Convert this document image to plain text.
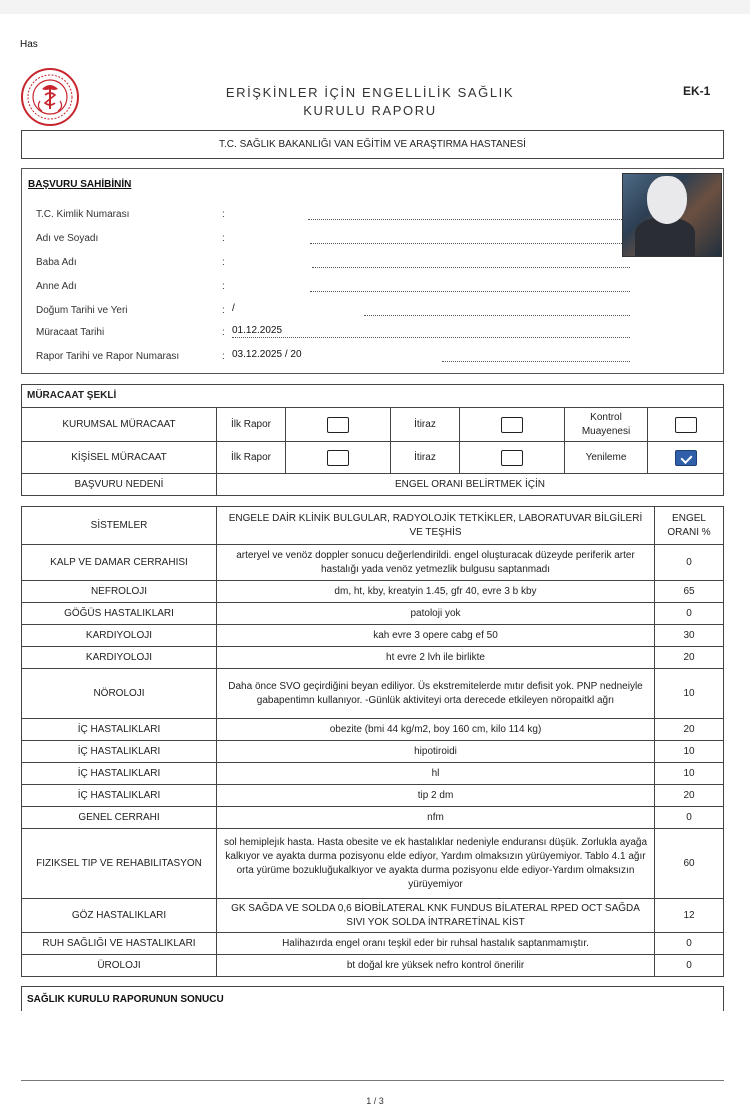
Has
ERİŞKİNLER İÇİN ENGELLİLİK SAĞLIK
KURULU RAPORU
EK-1
T.C. SAĞLIK BAKANLIĞI VAN EĞİTİM VE ARAŞTIRMA HASTANESİ
BAŞVURU SAHİBİNİN
T.C. Kimlik Numarası	:
Adı ve Soyadı	:
Baba Adı	:
Anne Adı	:
Doğum Tarihi ve Yeri	: /
Müracaat Tarihi	: 01.12.2025
Rapor Tarihi ve Rapor Numarası	: 03.12.2025 / 20
MÜRACAAT ŞEKLİ						
KURUMSAL MÜRACAAT	İlk Rapor		İtiraz		Kontrol Muayenesi	
KİŞİSEL MÜRACAAT	İlk Rapor		İtiraz		Yenileme	
BAŞVURU NEDENİ	ENGEL ORANI BELİRTMEK İÇİN					
SİSTEMLER	ENGELE DAİR KLİNİK BULGULAR, RADYOLOJİK TETKİKLER, LABORATUVAR BİLGİLERİ VE TEŞHİS	ENGEL ORANI %
KALP VE DAMAR CERRAHISI	arteryel ve venöz doppler sonucu değerlendirildi. engel oluşturacak düzeyde periferik arter hastalığı yada venöz yetmezlik bulgusu saptanmadı	0
NEFROLOJI	dm, ht, kby, kreatyin 1.45, gfr 40, evre 3 b kby	65
GÖĞÜS HASTALIKLARI	patoloji yok	0
KARDIYOLOJI	kah evre 3 opere cabg ef 50	30
KARDIYOLOJI	ht evre 2 lvh ile birlikte	20
NÖROLOJI	Daha önce SVO geçirdiğini beyan ediliyor. Üs ekstremitelerde mıtır defisit yok. PNP nedneiyle gabapentimn kullanıyor. -Günlük aktiviteyi orta derecede etkileyen nöropaitkl ağrı	10
İÇ HASTALIKLARI	obezite (bmi 44 kg/m2, boy 160 cm, kilo 114 kg)	20
İÇ HASTALIKLARI	hipotiroidi	10
İÇ HASTALIKLARI	hl	10
İÇ HASTALIKLARI	tip 2 dm	20
GENEL CERRAHI	nfm	0
FIZIKSEL TIP VE REHABILITASYON	sol hemiplejık hasta. Hasta obesite ve ek hastalıklar nedeniyle enduransı düşük. Zorlukla ayağa kalkıyor ve ayakta durma pozisyonu elde ediyor, Yardım olmaksızın yürüyemiyor. Tablo 4.1 ağır orta yürüme bozukluğukalkıyor ve ayakta durma pozisyonu elde ediyor-Yardım olmaksızın yürüyemiyor	60
GÖZ HASTALIKLARI	GK SAĞDA VE SOLDA 0,6 BİOBİLATERAL KNK FUNDUS BİLATERAL RPED OCT SAĞDA SIVI YOK SOLDA İNTRARETİNAL KİST	12
RUH SAĞLIĞI VE HASTALIKLARI	Halihazırda engel oranı teşkil eder bir ruhsal hastalık saptanmamıştır.	0
ÜROLOJI	bt doğal kre yüksek nefro kontrol önerilir	0
SAĞLIK KURULU RAPORUNUN SONUCU
1 / 3
